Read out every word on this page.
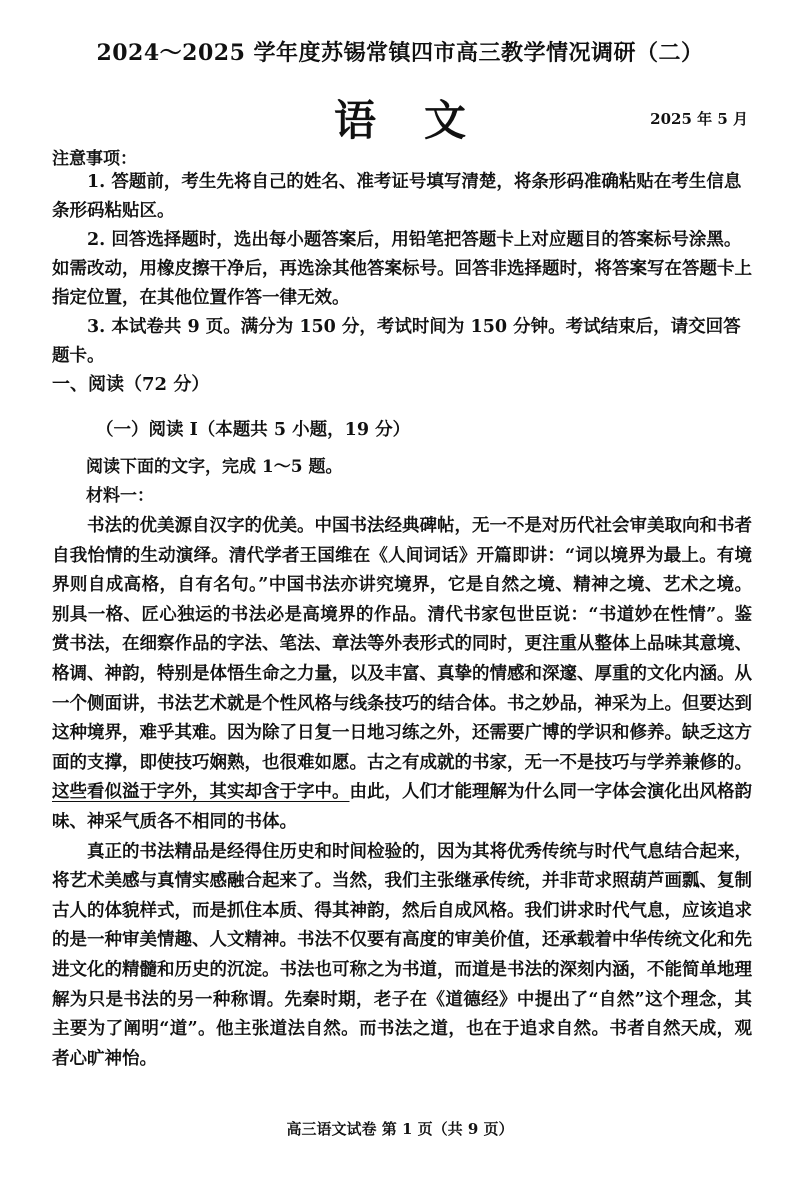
2024～2025 学年度苏锡常镇四市高三教学情况调研（二）
语文	2025 年 5 月
注意事项：

1. 答题前，考生先将自己的姓名、准考证号填写清楚，将条形码准确粘贴在考生信息条形码粘贴区。

2. 回答选择题时，选出每小题答案后，用铅笔把答题卡上对应题目的答案标号涂黑。如需改动，用橡皮擦干净后，再选涂其他答案标号。回答非选择题时，将答案写在答题卡上指定位置，在其他位置作答一律无效。

3. 本试卷共 9 页。满分为 150 分，考试时间为 150 分钟。考试结束后，请交回答题卡。

一、阅读（72 分）
（一）阅读 I（本题共 5 小题，19 分）

阅读下面的文字，完成 1～5 题。

材料一：

书法的优美源自汉字的优美。中国书法经典碑帖，无一不是对历代社会审美取向和书者自我怡情的生动演绎。清代学者王国维在《人间词话》开篇即讲：“词以境界为最上。有境界则自成高格，自有名句。”中国书法亦讲究境界，它是自然之境、精神之境、艺术之境。别具一格、匠心独运的书法必是高境界的作品。清代书家包世臣说：“书道妙在性情”。鉴赏书法，在细察作品的字法、笔法、章法等外表形式的同时，更注重从整体上品味其意境、格调、神韵，特别是体悟生命之力量，以及丰富、真挚的情感和深邃、厚重的文化内涵。从一个侧面讲，书法艺术就是个性风格与线条技巧的结合体。书之妙品，神采为上。但要达到这种境界，难乎其难。因为除了日复一日地习练之外，还需要广博的学识和修养。缺乏这方面的支撑，即使技巧娴熟，也很难如愿。古之有成就的书家，无一不是技巧与学养兼修的。这些看似溢于字外，其实却含于字中。由此，人们才能理解为什么同一字体会演化出风格韵味、神采气质各不相同的书体。

真正的书法精品是经得住历史和时间检验的，因为其将优秀传统与时代气息结合起来，将艺术美感与真情实感融合起来了。当然，我们主张继承传统，并非苛求照葫芦画瓢、复制古人的体貌样式，而是抓住本质、得其神韵，然后自成风格。我们讲求时代气息，应该追求的是一种审美情趣、人文精神。书法不仅要有高度的审美价值，还承载着中华传统文化和先进文化的精髓和历史的沉淀。书法也可称之为书道，而道是书法的深刻内涵，不能简单地理解为只是书法的另一种称谓。先秦时期，老子在《道德经》中提出了“自然”这个理念，其主要为了阐明“道”。他主张道法自然。而书法之道，也在于追求自然。书者自然天成，观者心旷神怡。

高三语文试卷 第 1 页（共 9 页）
